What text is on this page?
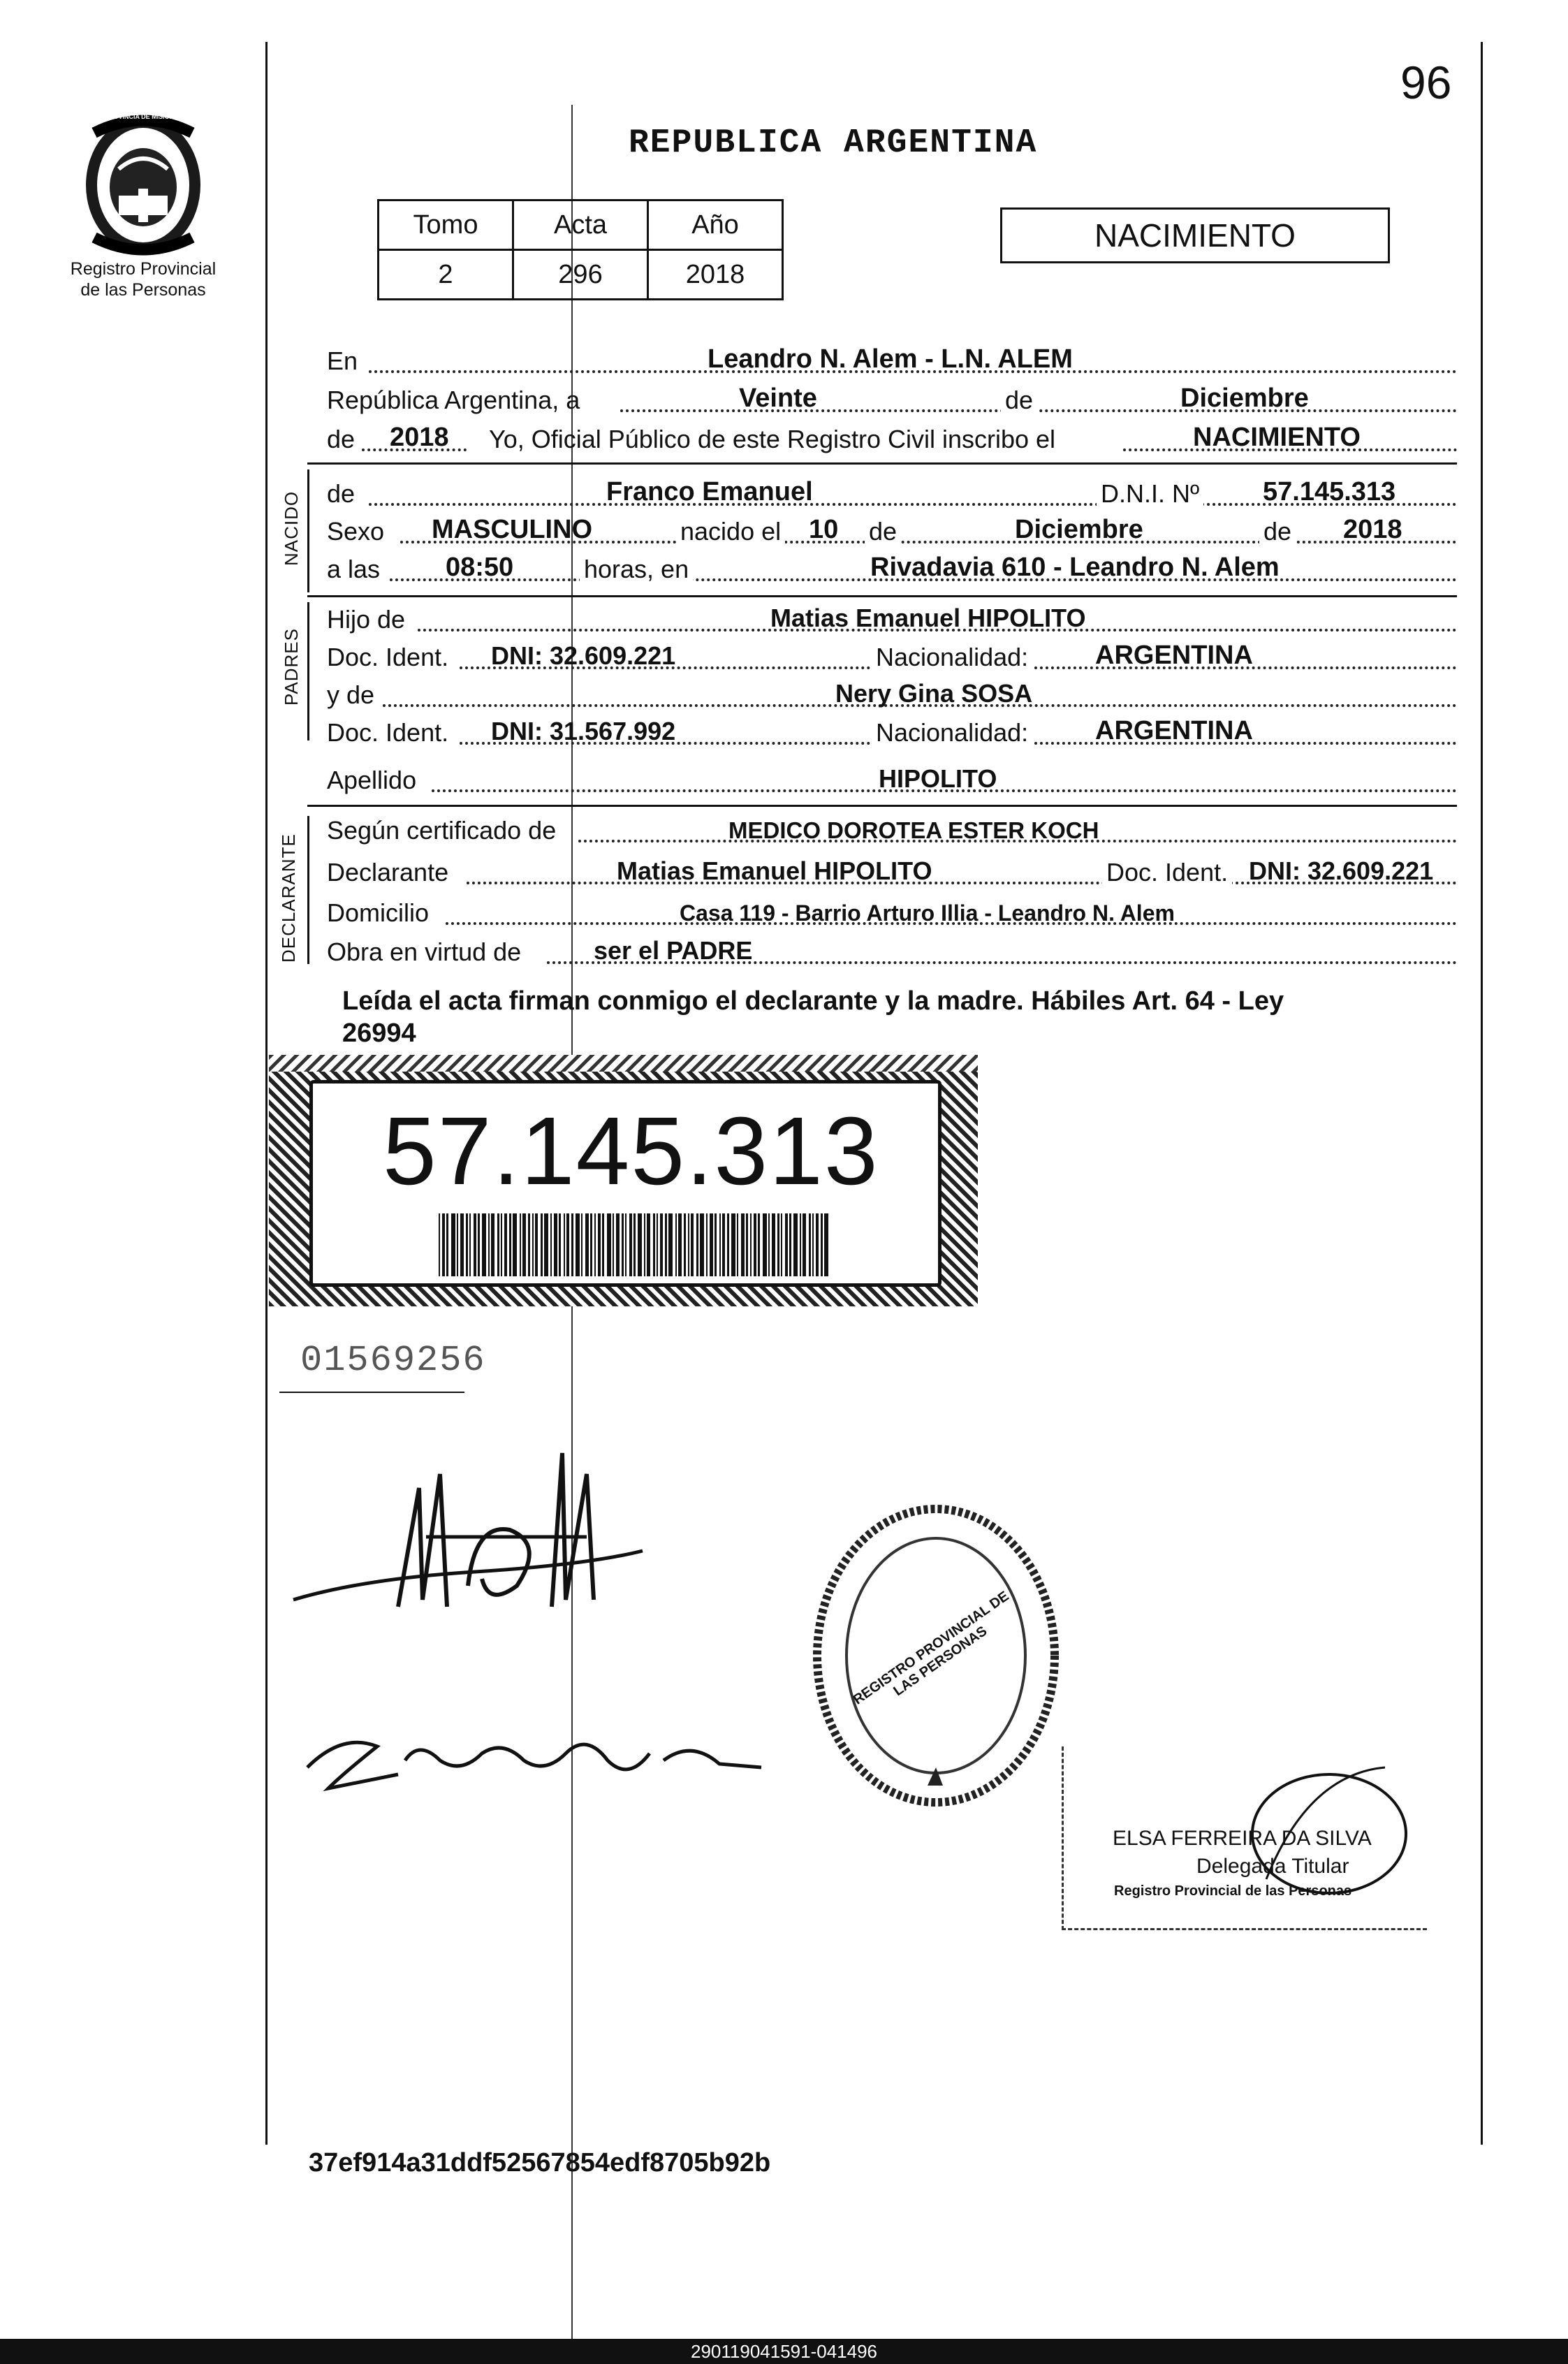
96
REPUBLICA ARGENTINA
PROVINCIA DE MISIONES
Registro Provincial
de las Personas
Tomo	Acta	Año
2	296	2018
NACIMIENTO
En	Leandro N. Alem - L.N. ALEM
República Argentina, a	Veinte	de	Diciembre
de 2018 Yo, Oficial Público de este Registro Civil inscribo el	NACIMIENTO
NACIDO de	Franco Emanuel	D.N.I. Nº 57.145.313
Sexo MASCULINO	nacido el 10 de	Diciembre	de 2018
a las 08:50	horas, en	Rivadavia 610 - Leandro N. Alem
PADRES
Hijo de	Matias Emanuel HIPOLITO
Doc. Ident. DNI: 32.609.221	Nacionalidad:	ARGENTINA
y de	Nery Gina SOSA
Doc. Ident. DNI: 31.567.992	Nacionalidad:	ARGENTINA
Apellido	HIPOLITO
DECLARANTE
Según certificado de	MEDICO DOROTEA ESTER KOCH
Declarante	Matias Emanuel HIPOLITO	Doc. Ident. DNI: 32.609.221
Domicilio	Casa 119 - Barrio Arturo Illia - Leandro N. Alem
Obra en virtud de	ser el PADRE
Leída el acta firman conmigo el declarante y la madre. Hábiles Art. 64 - Ley
26994
57.145.313
01569256
REGISTRO PROVINCIAL DE LAS PERSONAS
ELSA FERREIRA DA SILVA
Delegada Titular
Registro Provincial de las Personas
37ef914a31ddf52567854edf8705b92b
290119041591-041496
